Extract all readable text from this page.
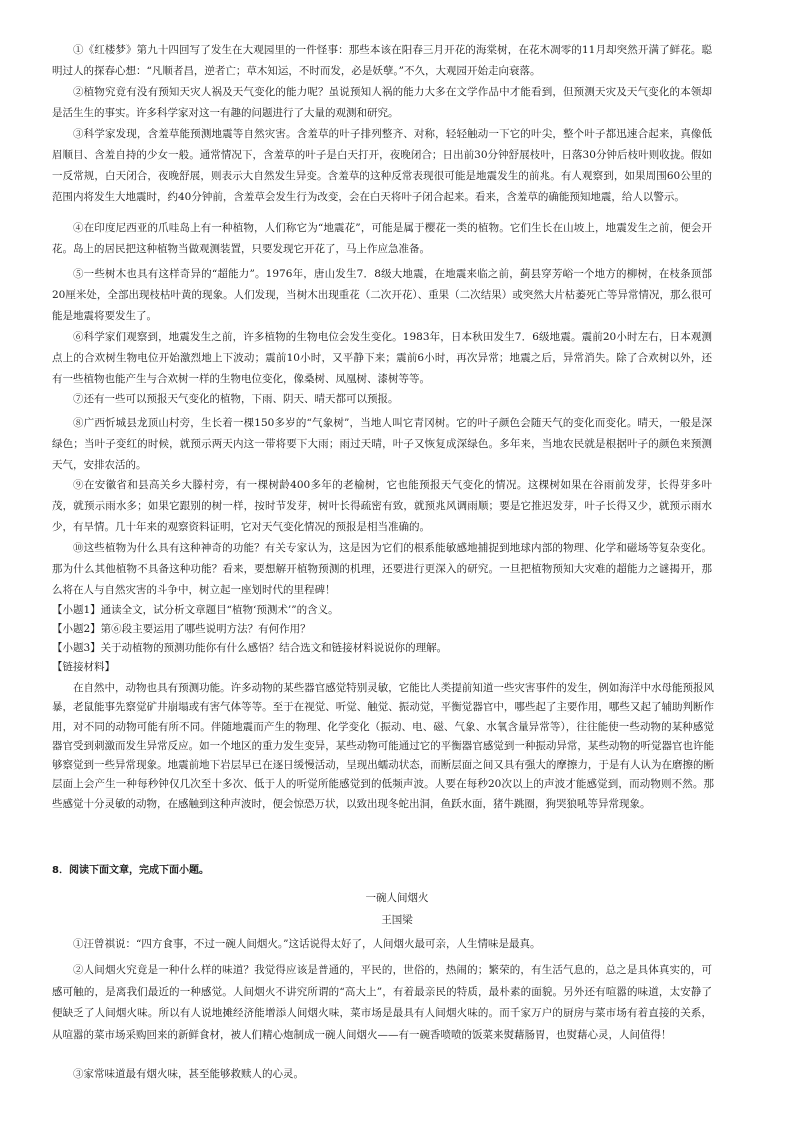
①《红楼梦》第九十四回写了发生在大观园里的一件怪事：那些本该在阳春三月开花的海棠树，在花木凋零的11月却突然开满了鲜花。聪明过人的探春心想：“凡顺者昌，逆者亡；草木知运，不时而发，必是妖孽。”不久，大观园开始走向衰落。

②植物究竟有没有预知天灾人祸及天气变化的能力呢？虽说预知人祸的能力大多在文学作品中才能看到，但预测天灾及天气变化的本领却是活生生的事实。许多科学家对这一有趣的问题进行了大量的观测和研究。

③科学家发现，含羞草能预测地震等自然灾害。含羞草的叶子排列整齐、对称，轻轻触动一下它的叶尖，整个叶子都迅速合起来，真像低眉顺目、含羞自持的少女一般。通常情况下，含羞草的叶子是白天打开，夜晚闭合；日出前30分钟舒展枝叶，日落30分钟后枝叶则收拢。假如一反常规，白天闭合，夜晚舒展，则表示大自然发生异变。含羞草的这种反常表现很可能是地震发生的前兆。有人观察到，如果周围60公里的范围内将发生大地震时，约40分钟前，含羞草会发生行为改变，会在白天将叶子闭合起来。看来，含羞草的确能预知地震，给人以警示。

④在印度尼西亚的爪哇岛上有一种植物，人们称它为“地震花”，可能是属于樱花一类的植物。它们生长在山坡上，地震发生之前，便会开花。岛上的居民把这种植物当做观测装置，只要发现它开花了，马上作应急准备。

⑤一些树木也具有这样奇异的“超能力”。1976年，唐山发生7．8级大地震，在地震来临之前，蓟县穿芳峪一个地方的柳树，在枝条顶部20厘米处，全部出现枝枯叶黄的现象。人们发现，当树木出现重花（二次开花）、重果（二次结果）或突然大片枯萎死亡等异常情况，那么很可能是地震将要发生了。

⑥科学家们观察到，地震发生之前，许多植物的生物电位会发生变化。1983年，日本秋田发生7．6级地震。震前20小时左右，日本观测点上的合欢树生物电位开始激烈地上下波动；震前10小时，又平静下来；震前6小时，再次异常；地震之后，异常消失。除了合欢树以外，还有一些植物也能产生与合欢树一样的生物电位变化，像桑树、凤凰树、漆树等等。

⑦还有一些可以预报天气变化的植物，下雨、阴天、晴天都可以预报。

⑧广西忻城县龙顶山村旁，生长着一棵150多岁的“气象树”，当地人叫它青冈树。它的叶子颜色会随天气的变化而变化。晴天，一般是深绿色；当叶子变红的时候，就预示两天内这一带将要下大雨；雨过天晴，叶子又恢复成深绿色。多年来，当地农民就是根据叶子的颜色来预测天气，安排农活的。

⑨在安徽省和县高关乡大滕村旁，有一棵树龄400多年的老榆树，它也能预报天气变化的情况。这棵树如果在谷雨前发芽，长得芽多叶茂，就预示雨水多；如果它跟别的树一样，按时节发芽，树叶长得疏密有致，就预兆风调雨顺；要是它推迟发芽，叶子长得又少，就预示雨水少，有旱情。几十年来的观察资料证明，它对天气变化情况的预报是相当准确的。

⑩这些植物为什么具有这种神奇的功能？有关专家认为，这是因为它们的根系能敏感地捕捉到地球内部的物理、化学和磁场等复杂变化。那为什么其他植物不具备这种功能？看来，要想解开植物预测的机理，还要进行更深入的研究。一旦把植物预知大灾难的超能力之谜揭开，那么将在人与自然灾害的斗争中，树立起一座划时代的里程碑！

【小题1】通读全文，试分析文章题目“植物‘预测术’”的含义。
【小题2】第⑥段主要运用了哪些说明方法？有何作用？
【小题3】关于动植物的预测功能你有什么感悟？结合选文和链接材料说说你的理解。
【链接材料】

在自然中，动物也具有预测功能。许多动物的某些器官感觉特别灵敏，它能比人类提前知道一些灾害事件的发生，例如海洋中水母能预报风暴，老鼠能事先察觉矿井崩塌或有害气体等等。至于在视觉、听觉、触觉、振动觉，平衡觉器官中，哪些起了主要作用，哪些又起了辅助判断作用，对不同的动物可能有所不同。伴随地震而产生的物理、化学变化（振动、电、磁、气象、水氧含量异常等），往往能使一些动物的某种感觉器官受到刺激而发生异常反应。如一个地区的重力发生变异，某些动物可能通过它的平衡器官感觉到一种振动异常，某些动物的听觉器官也许能够察觉到一些异常现象。地震前地下岩层早已在逐日缓慢活动，呈现出蠕动状态，而断层面之间又具有强大的摩擦力，于是有人认为在磨擦的断层面上会产生一种每秒钟仅几次至十多次、低于人的听觉所能感觉到的低频声波。人要在每秒20次以上的声波才能感觉到，而动物则不然。那些感觉十分灵敏的动物，在感触到这种声波时，便会惊恐万状，以致出现冬蛇出洞，鱼跃水面，猪牛跳圈，狗哭狼吼等异常现象。

8．阅读下面文章，完成下面小题。
一碗人间烟火
王国梁

①汪曾祺说：“四方食事，不过一碗人间烟火。”这话说得太好了，人间烟火最可亲，人生情味是最真。

②人间烟火究竟是一种什么样的味道？我觉得应该是普通的，平民的，世俗的，热闹的；繁荣的，有生活气息的，总之是具体真实的，可感可触的，是离我们最近的一种感觉。人间烟火不讲究所谓的“高大上”，有着最亲民的特质，最朴素的面貌。另外还有喧嚣的味道，太安静了便缺乏了人间烟火味。所以有人说地摊经济能增添人间烟火味，菜市场是最具有人间烟火味的。而千家万户的厨房与菜市场有着直接的关系，从喧嚣的菜市场采购回来的新鲜食材，被人们精心炮制成一碗人间烟火——有一碗香喷喷的饭菜来熨藉肠胃，也熨藉心灵，人间值得！

③家常味道最有烟火味，甚至能够救赎人的心灵。
